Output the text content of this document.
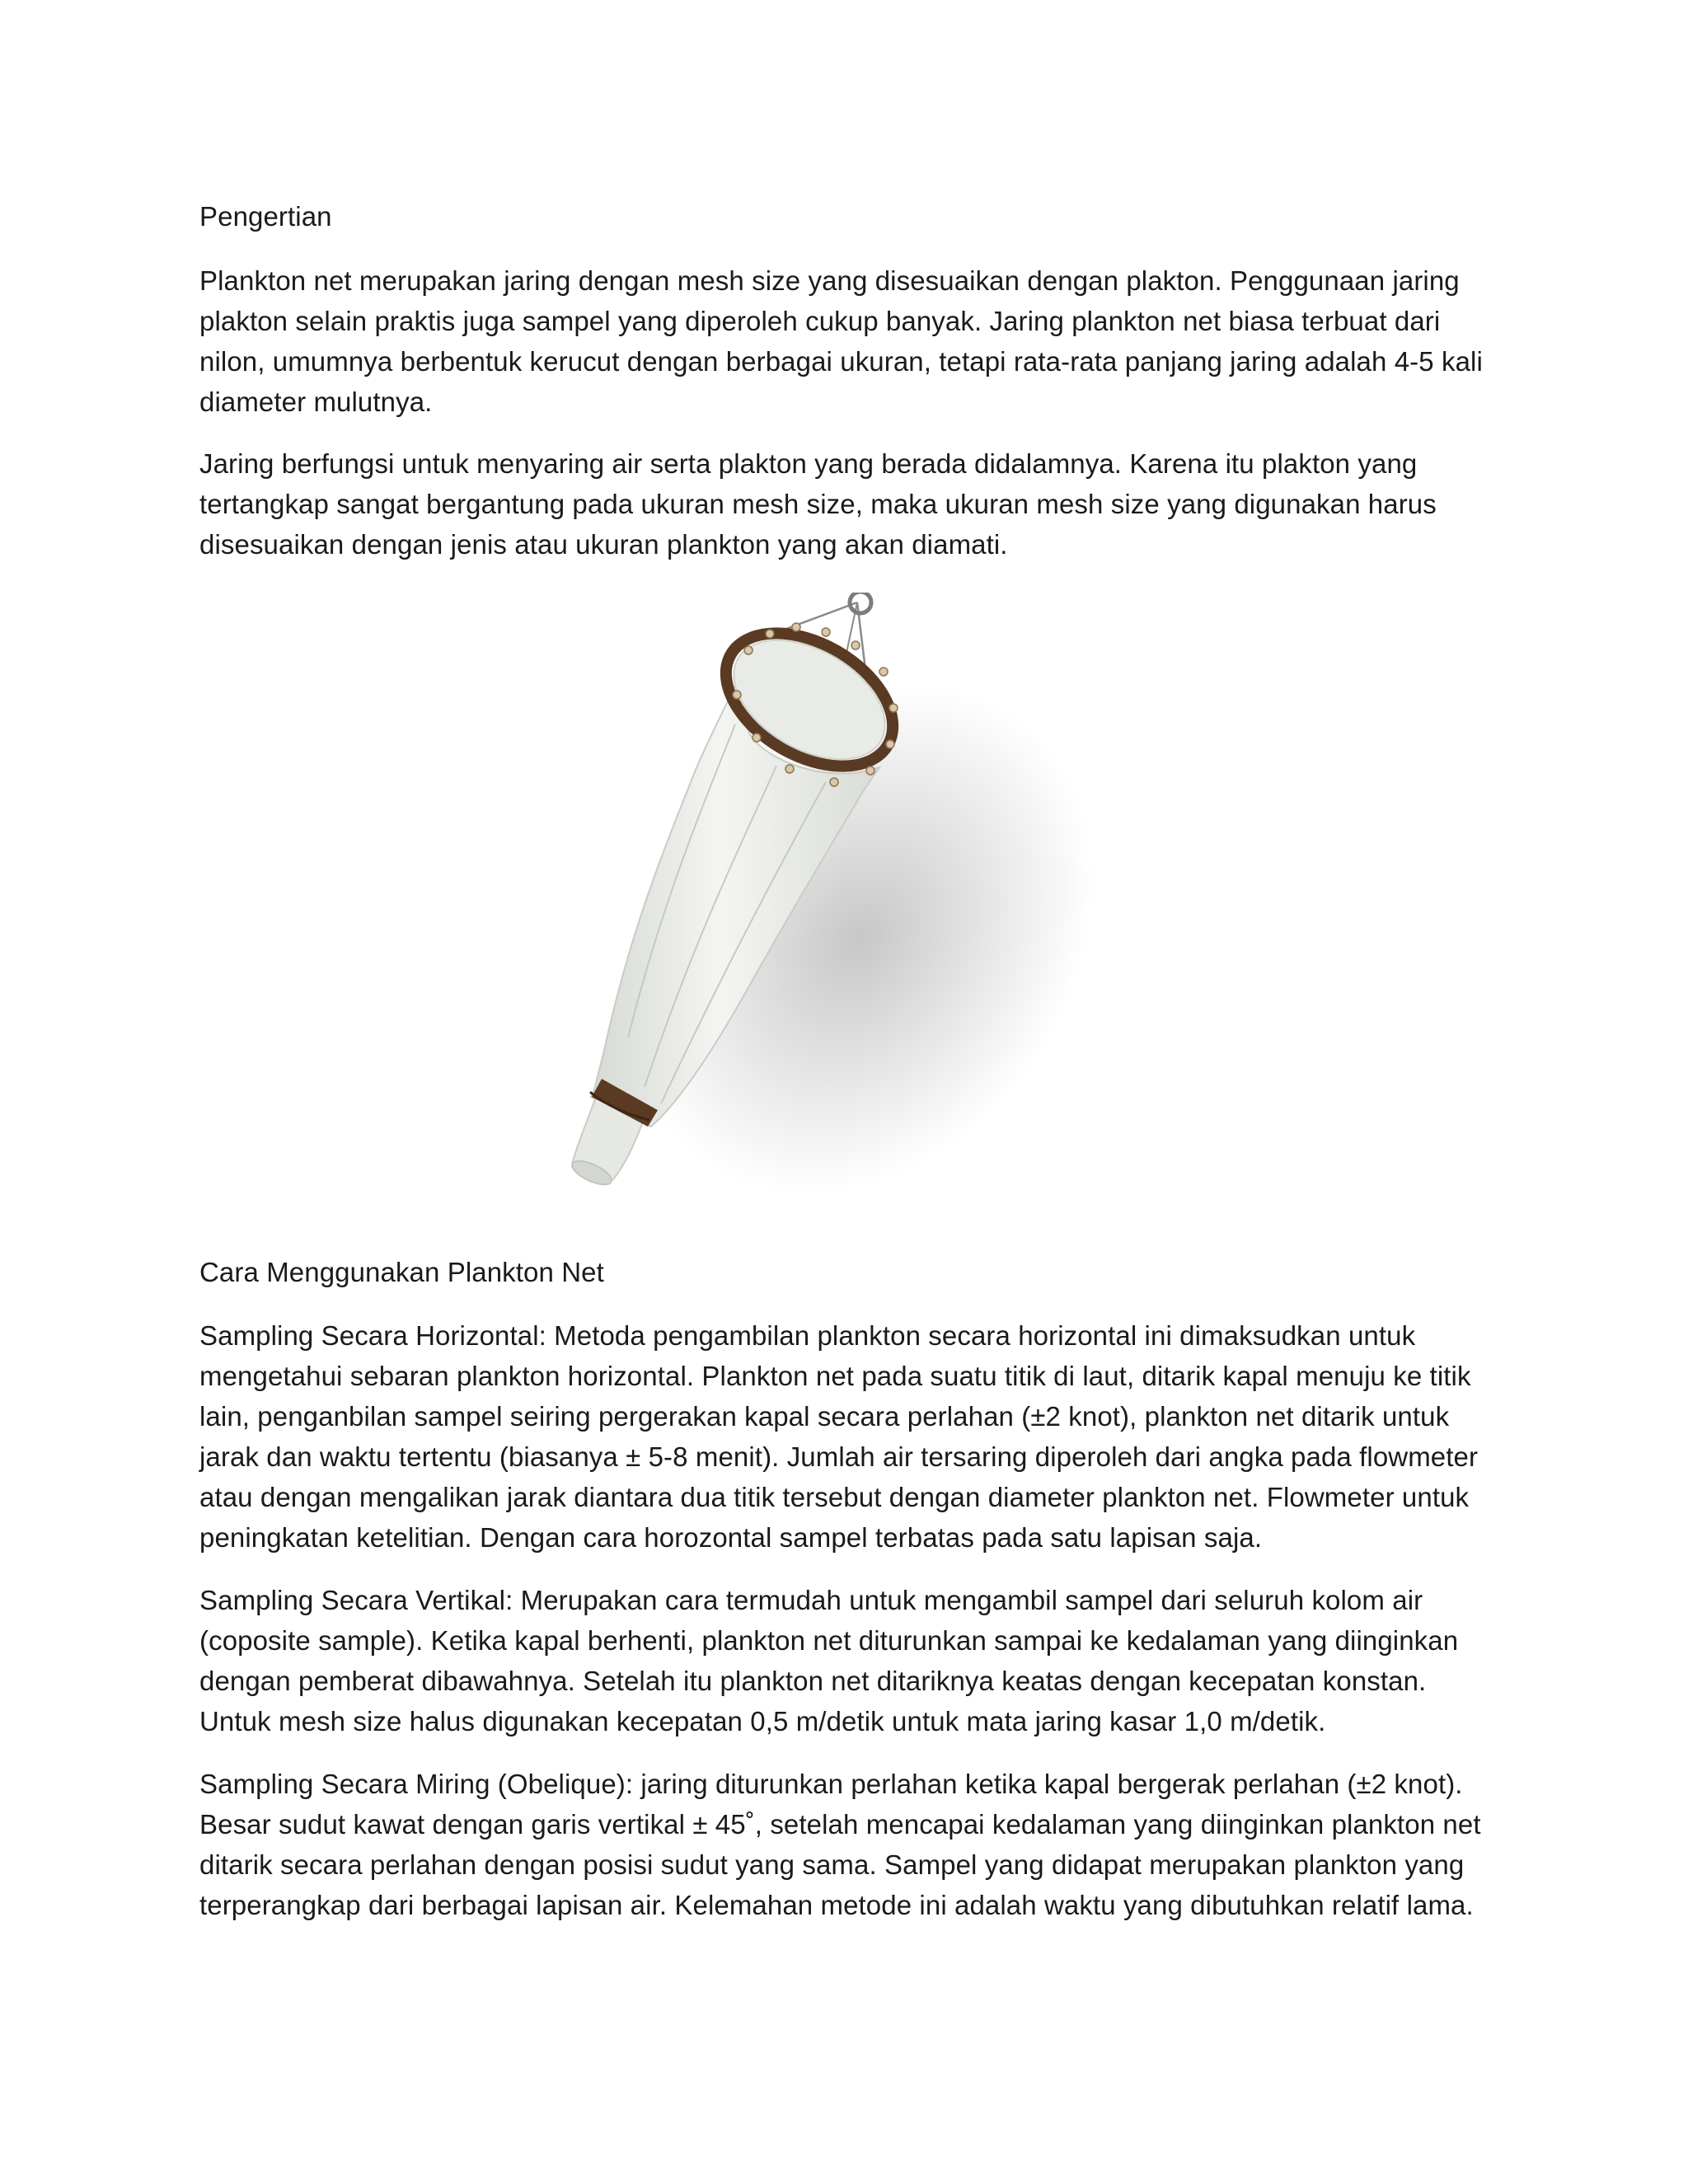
Pengertian

Plankton net merupakan jaring dengan mesh size yang disesuaikan dengan plakton. Penggunaan jaring plakton selain praktis juga sampel yang diperoleh cukup banyak. Jaring plankton net biasa terbuat dari nilon, umumnya berbentuk kerucut dengan berbagai ukuran, tetapi rata-rata panjang jaring adalah 4-5 kali diameter mulutnya.

Jaring berfungsi untuk menyaring air serta plakton yang berada didalamnya. Karena itu plakton yang tertangkap sangat bergantung pada ukuran mesh size, maka ukuran mesh size yang digunakan harus disesuaikan dengan jenis atau ukuran plankton yang akan diamati.

Cara Menggunakan Plankton Net

Sampling Secara Horizontal: Metoda pengambilan plankton secara horizontal ini dimaksudkan untuk mengetahui sebaran plankton horizontal. Plankton net pada suatu titik di laut, ditarik kapal menuju ke titik lain, penganbilan sampel seiring pergerakan kapal secara perlahan (±2 knot), plankton net ditarik untuk jarak dan waktu tertentu (biasanya ± 5-8 menit). Jumlah air tersaring diperoleh dari angka pada flowmeter atau dengan mengalikan jarak diantara dua titik tersebut dengan diameter plankton net. Flowmeter untuk peningkatan ketelitian. Dengan cara horozontal sampel terbatas pada satu lapisan saja.

Sampling Secara Vertikal: Merupakan cara termudah untuk mengambil sampel dari seluruh kolom air (coposite sample). Ketika kapal berhenti, plankton net diturunkan sampai ke kedalaman yang diinginkan dengan pemberat dibawahnya. Setelah itu plankton net ditariknya keatas dengan kecepatan konstan. Untuk mesh size halus digunakan kecepatan 0,5 m/detik untuk mata jaring kasar 1,0 m/detik.

Sampling Secara Miring (Obelique): jaring diturunkan perlahan ketika kapal bergerak perlahan (±2 knot). Besar sudut kawat dengan garis vertikal ± 45˚, setelah mencapai kedalaman yang diinginkan plankton net ditarik secara perlahan dengan posisi sudut yang sama. Sampel yang didapat merupakan plankton yang terperangkap dari berbagai lapisan air. Kelemahan metode ini adalah waktu yang dibutuhkan relatif lama.
